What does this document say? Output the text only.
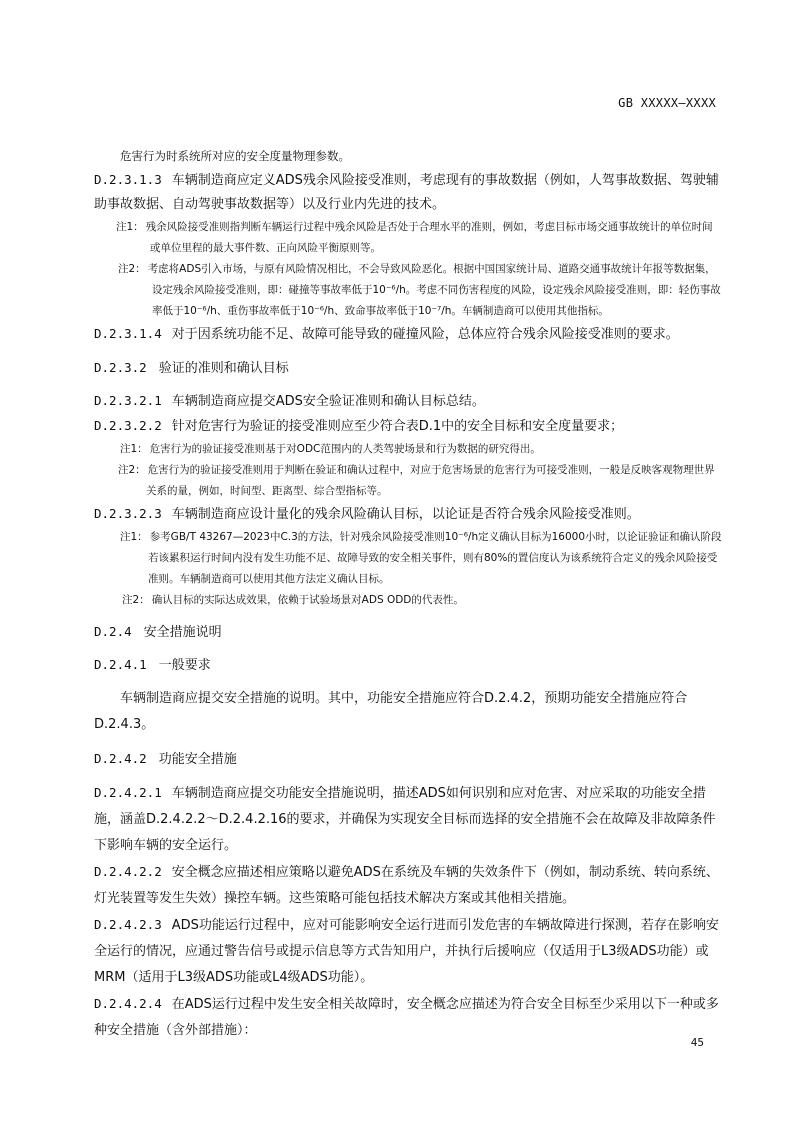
GB XXXXX—XXXX

危害行为时系统所对应的安全度量物理参数。

D.2.3.1.3 车辆制造商应定义ADS残余风险接受准则，考虑现有的事故数据（例如，人驾事故数据、驾驶辅助事故数据、自动驾驶事故数据等）以及行业内先进的技术。

注1： 残余风险接受准则指判断车辆运行过程中残余风险是否处于合理水平的准则，例如，考虑目标市场交通事故统计的单位时间或单位里程的最大事件数、正向风险平衡原则等。

注2： 考虑将ADS引入市场，与原有风险情况相比，不会导致风险恶化。根据中国国家统计局、道路交通事故统计年报等数据集，设定残余风险接受准则，即：碰撞等事故率低于10⁻⁶/h。考虑不同伤害程度的风险，设定残余风险接受准则，即：轻伤事故率低于10⁻⁶/h、重伤事故率低于10⁻⁶/h、致命事故率低于10⁻⁷/h。车辆制造商可以使用其他指标。

D.2.3.1.4 对于因系统功能不足、故障可能导致的碰撞风险，总体应符合残余风险接受准则的要求。

D.2.3.2 验证的准则和确认目标

D.2.3.2.1 车辆制造商应提交ADS安全验证准则和确认目标总结。

D.2.3.2.2 针对危害行为验证的接受准则应至少符合表D.1中的安全目标和安全度量要求；

注1： 危害行为的验证接受准则基于对ODC范围内的人类驾驶场景和行为数据的研究得出。

注2： 危害行为的验证接受准则用于判断在验证和确认过程中，对应于危害场景的危害行为可接受准则，一般是反映客观物理世界关系的量，例如，时间型、距离型、综合型指标等。

D.2.3.2.3 车辆制造商应设计量化的残余风险确认目标，以论证是否符合残余风险接受准则。

注1： 参考GB/T 43267—2023中C.3的方法，针对残余风险接受准则10⁻⁶/h定义确认目标为16000小时，以论证验证和确认阶段若该累积运行时间内没有发生功能不足、故障导致的安全相关事件，则有80%的置信度认为该系统符合定义的残余风险接受准则。车辆制造商可以使用其他方法定义确认目标。

注2： 确认目标的实际达成效果，依赖于试验场景对ADS ODD的代表性。

D.2.4 安全措施说明

D.2.4.1 一般要求

车辆制造商应提交安全措施的说明。其中，功能安全措施应符合D.2.4.2，预期功能安全措施应符合D.2.4.3。

D.2.4.2 功能安全措施

D.2.4.2.1 车辆制造商应提交功能安全措施说明，描述ADS如何识别和应对危害、对应采取的功能安全措施，涵盖D.2.4.2.2～D.2.4.2.16的要求，并确保为实现安全目标而选择的安全措施不会在故障及非故障条件下影响车辆的安全运行。

D.2.4.2.2 安全概念应描述相应策略以避免ADS在系统及车辆的失效条件下（例如，制动系统、转向系统、灯光装置等发生失效）操控车辆。这些策略可能包括技术解决方案或其他相关措施。

D.2.4.2.3 ADS功能运行过程中，应对可能影响安全运行进而引发危害的车辆故障进行探测，若存在影响安全运行的情况，应通过警告信号或提示信息等方式告知用户，并执行后援响应（仅适用于L3级ADS功能）或MRM（适用于L3级ADS功能或L4级ADS功能）。

D.2.4.2.4 在ADS运行过程中发生安全相关故障时，安全概念应描述为符合安全目标至少采用以下一种或多种安全措施（含外部措施）：

45
